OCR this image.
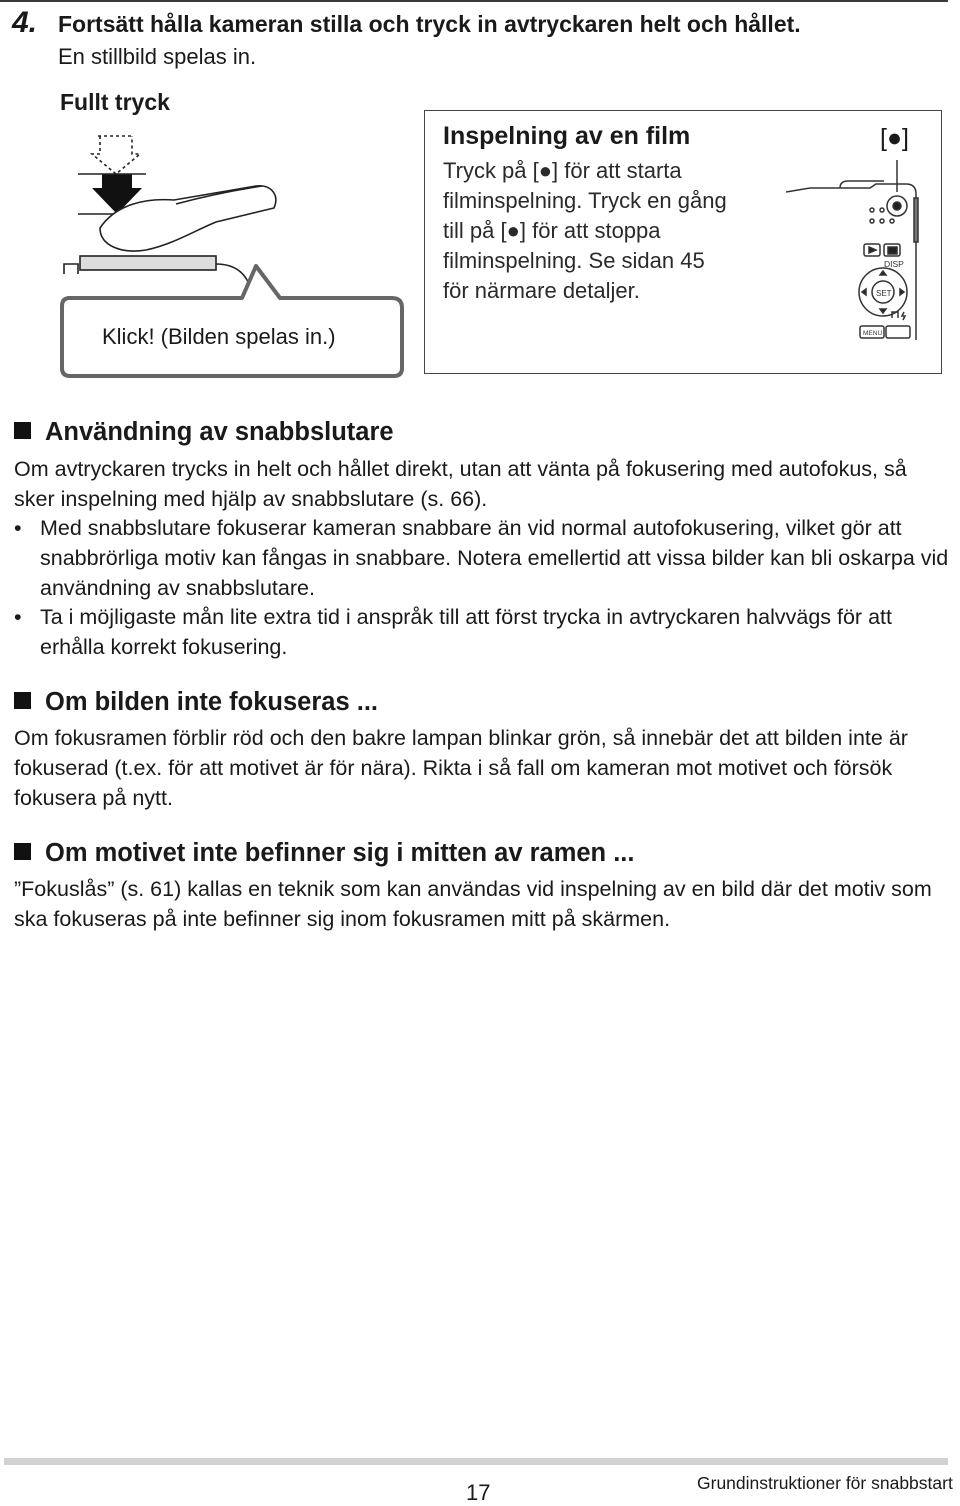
4. Fortsätt hålla kameran stilla och tryck in avtryckaren helt och hållet.
En stillbild spelas in.
Fullt tryck
Klick! (Bilden spelas in.)
Inspelning av en film
Tryck på [●] för att starta
filminspelning. Tryck en gång
till på [●] för att stoppa
filminspelning. Se sidan 45
för närmare detaljer.
[●]
DISP
SET
MENU
Användning av snabbslutare
Om avtryckaren trycks in helt och hållet direkt, utan att vänta på fokusering med autofokus, så sker inspelning med hjälp av snabbslutare (s. 66).
• Med snabbslutare fokuserar kameran snabbare än vid normal autofokusering, vilket gör att snabbrörliga motiv kan fångas in snabbare. Notera emellertid att vissa bilder kan bli oskarpa vid användning av snabbslutare.
• Ta i möjligaste mån lite extra tid i anspråk till att först trycka in avtryckaren halvvägs för att erhålla korrekt fokusering.
Om bilden inte fokuseras ...
Om fokusramen förblir röd och den bakre lampan blinkar grön, så innebär det att bilden inte är fokuserad (t.ex. för att motivet är för nära). Rikta i så fall om kameran mot motivet och försök fokusera på nytt.
Om motivet inte befinner sig i mitten av ramen ...
”Fokuslås” (s. 61) kallas en teknik som kan användas vid inspelning av en bild där det motiv som ska fokuseras på inte befinner sig inom fokusramen mitt på skärmen.
17	Grundinstruktioner för snabbstart
